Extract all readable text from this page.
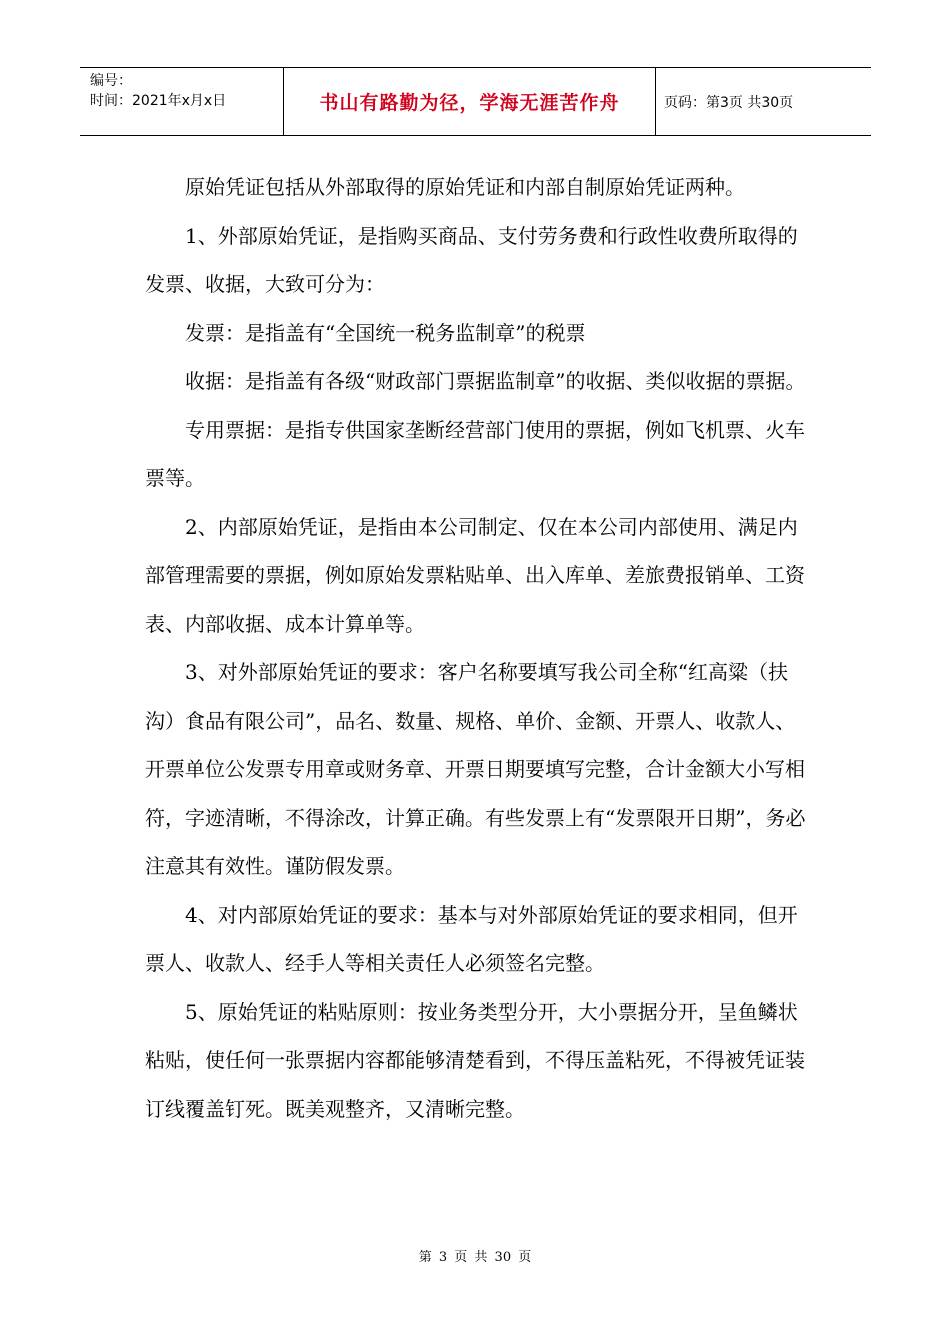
编号：
时间：2021年x月x日	书山有路勤为径，学海无涯苦作舟	页码：第3页 共30页

原始凭证包括从外部取得的原始凭证和内部自制原始凭证两种。

1、外部原始凭证，是指购买商品、支付劳务费和行政性收费所取得的发票、收据，大致可分为：

发票：是指盖有“全国统一税务监制章”的税票

收据：是指盖有各级“财政部门票据监制章”的收据、类似收据的票据。

专用票据：是指专供国家垄断经营部门使用的票据，例如飞机票、火车票等。

2、内部原始凭证，是指由本公司制定、仅在本公司内部使用、满足内部管理需要的票据，例如原始发票粘贴单、出入库单、差旅费报销单、工资表、内部收据、成本计算单等。

3、对外部原始凭证的要求：客户名称要填写我公司全称“红高粱（扶沟）食品有限公司”，品名、数量、规格、单价、金额、开票人、收款人、开票单位公发票专用章或财务章、开票日期要填写完整，合计金额大小写相符，字迹清晰，不得涂改，计算正确。有些发票上有“发票限开日期”，务必注意其有效性。谨防假发票。

4、对内部原始凭证的要求：基本与对外部原始凭证的要求相同，但开票人、收款人、经手人等相关责任人必须签名完整。

5、原始凭证的粘贴原则：按业务类型分开，大小票据分开，呈鱼鳞状粘贴，使任何一张票据内容都能够清楚看到，不得压盖粘死，不得被凭证装订线覆盖钉死。既美观整齐，又清晰完整。

第 3 页 共 30 页
